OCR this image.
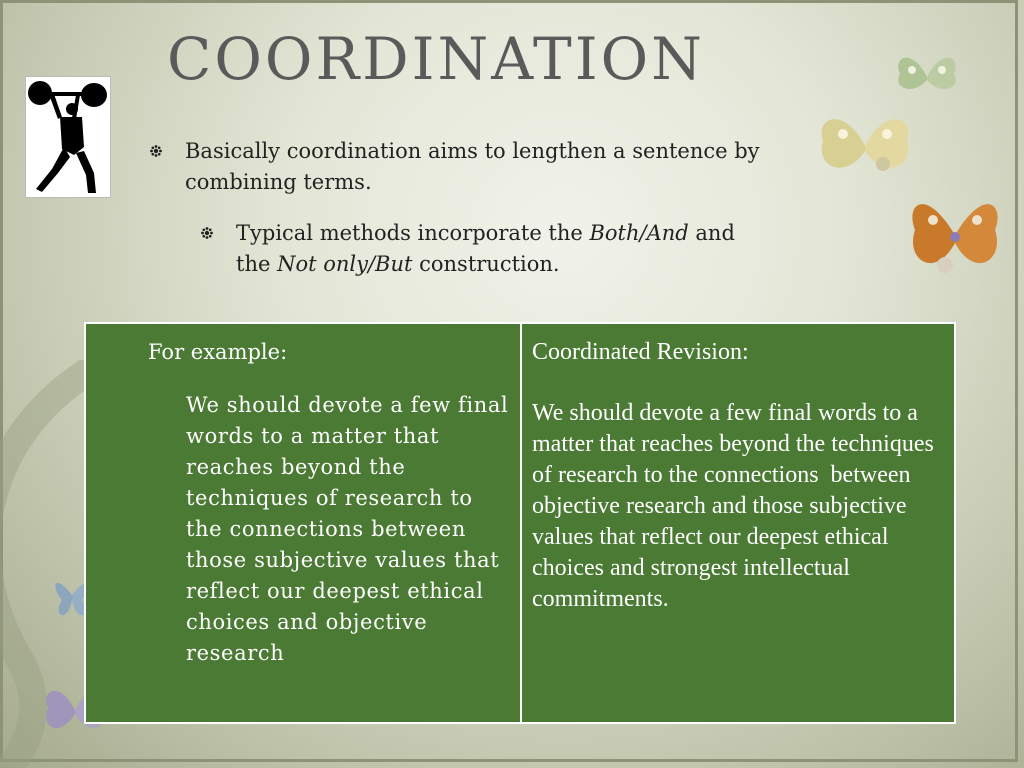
COORDINATION
Basically coordination aims to lengthen a sentence by combining terms.
Typical methods incorporate the Both/And and the Not only/But construction.
For example:
We should devote a few final words to a matter that reaches beyond the techniques of research to the connections between those subjective values that reflect our deepest ethical choices and objective research
Coordinated Revision:
We should devote a few final words to a matter that reaches beyond the techniques of research to the connections  between objective research and those subjective values that reflect our deepest ethical choices and strongest intellectual commitments.
